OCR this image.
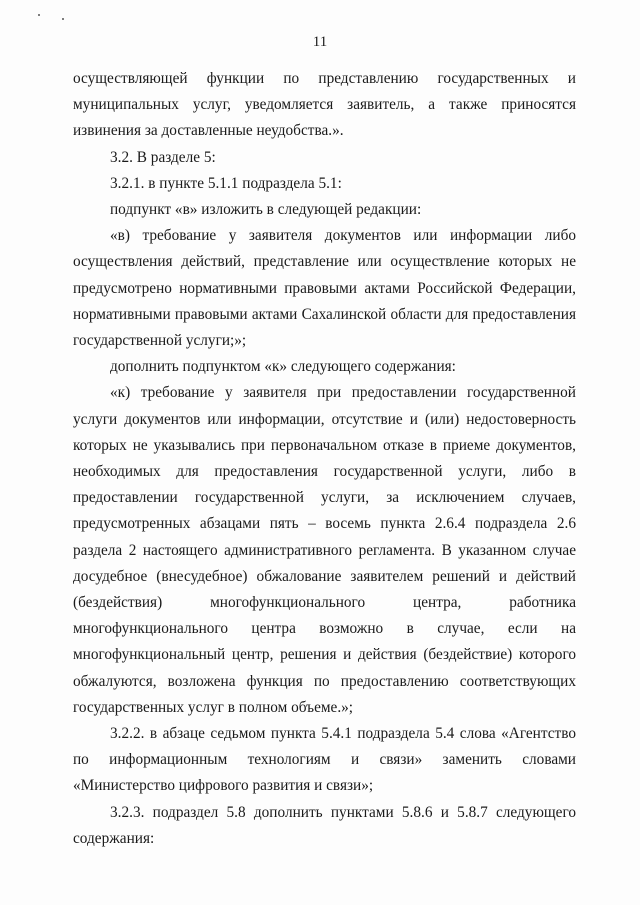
11

осуществляющей функции по представлению государственных и муниципальных услуг, уведомляется заявитель, а также приносятся извинения за доставленные неудобства.».

3.2. В разделе 5:

3.2.1. в пункте 5.1.1 подраздела 5.1:

подпункт «в» изложить в следующей редакции:

«в) требование у заявителя документов или информации либо осуществления действий, представление или осуществление которых не предусмотрено нормативными правовыми актами Российской Федерации, нормативными правовыми актами Сахалинской области для предоставления государственной услуги;»;

дополнить подпунктом «к» следующего содержания:

«к) требование у заявителя при предоставлении государственной услуги документов или информации, отсутствие и (или) недостоверность которых не указывались при первоначальном отказе в приеме документов, необходимых для предоставления государственной услуги, либо в предоставлении государственной услуги, за исключением случаев, предусмотренных абзацами пять – восемь пункта 2.6.4 подраздела 2.6 раздела 2 настоящего административного регламента. В указанном случае досудебное (внесудебное) обжалование заявителем решений и действий (бездействия) многофункционального центра, работника многофункционального центра возможно в случае, если на многофункциональный центр, решения и действия (бездействие) которого обжалуются, возложена функция по предоставлению соответствующих государственных услуг в полном объеме.»;

3.2.2. в абзаце седьмом пункта 5.4.1 подраздела 5.4 слова «Агентство по информационным технологиям и связи» заменить словами «Министерство цифрового развития и связи»;

3.2.3. подраздел 5.8 дополнить пунктами 5.8.6 и 5.8.7 следующего содержания:
